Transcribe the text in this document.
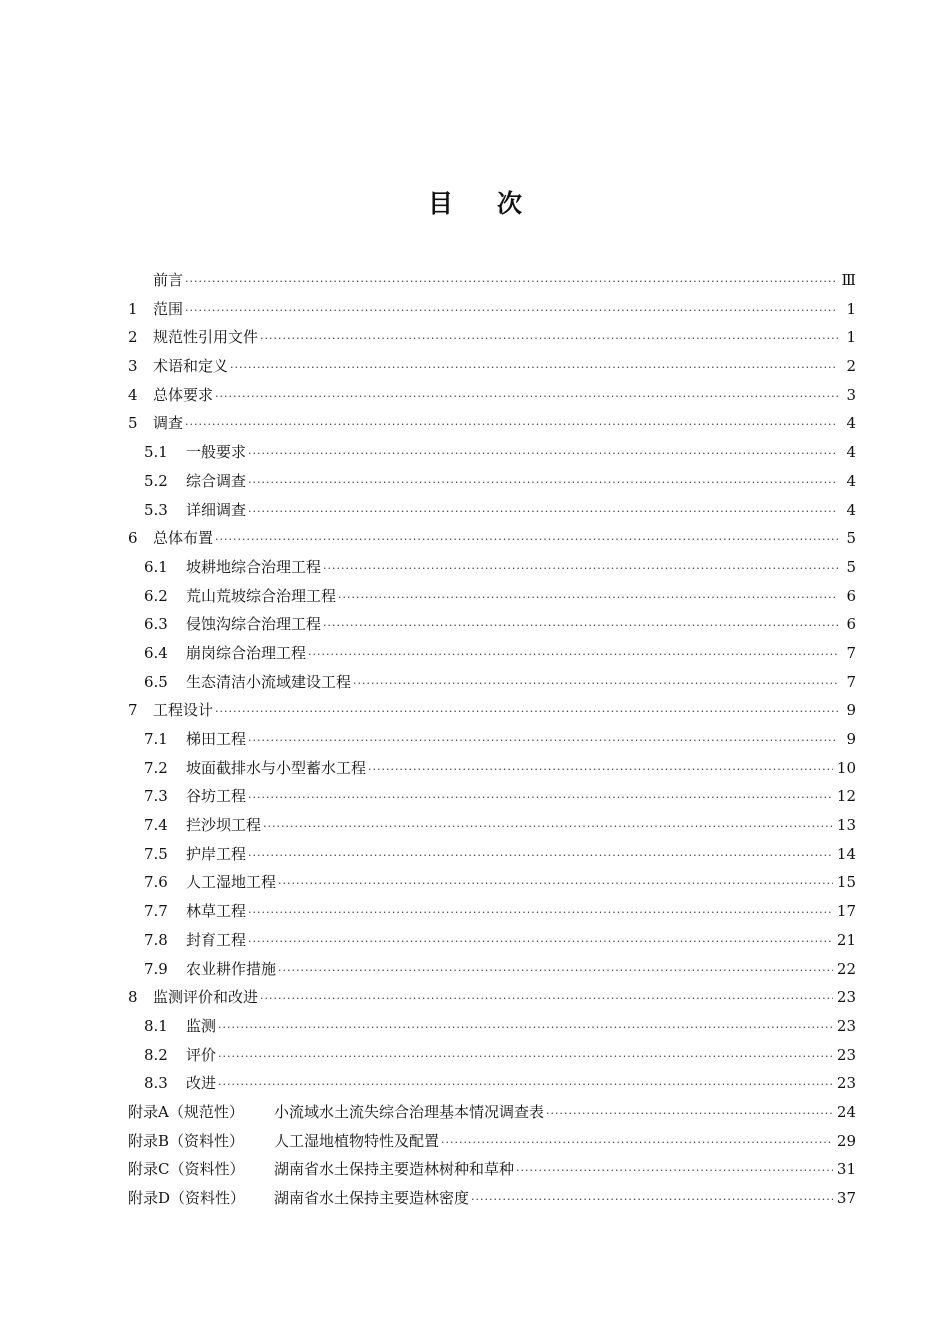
目次
前言 ·····	Ⅲ
1	范围 ·····	1
2	规范性引用文件 ·····	1
3	术语和定义 ·····	2
4	总体要求 ·····	3
5	调查 ·····	4
5.1	一般要求 ·····	4
5.2	综合调查 ·····	4
5.3	详细调查 ·····	4
6	总体布置 ·····	5
6.1	坡耕地综合治理工程 ·····	5
6.2	荒山荒坡综合治理工程 ·····	6
6.3	侵蚀沟综合治理工程 ·····	6
6.4	崩岗综合治理工程 ·····	7
6.5	生态清洁小流域建设工程 ·····	7
7	工程设计 ·····	9
7.1	梯田工程 ·····	9
7.2	坡面截排水与小型蓄水工程 ·····	10
7.3	谷坊工程 ·····	12
7.4	拦沙坝工程 ·····	13
7.5	护岸工程 ·····	14
7.6	人工湿地工程 ·····	15
7.7	林草工程 ·····	17
7.8	封育工程 ·····	21
7.9	农业耕作措施 ·····	22
8	监测评价和改进 ·····	23
8.1	监测 ·····	23
8.2	评价 ·····	23
8.3	改进 ·····	23
附录A（规范性）	小流域水土流失综合治理基本情况调查表 ·····	24
附录B（资料性）	人工湿地植物特性及配置 ·····	29
附录C（资料性）	湖南省水土保持主要造林树种和草种 ·····	31
附录D（资料性）	湖南省水土保持主要造林密度 ·····	37
